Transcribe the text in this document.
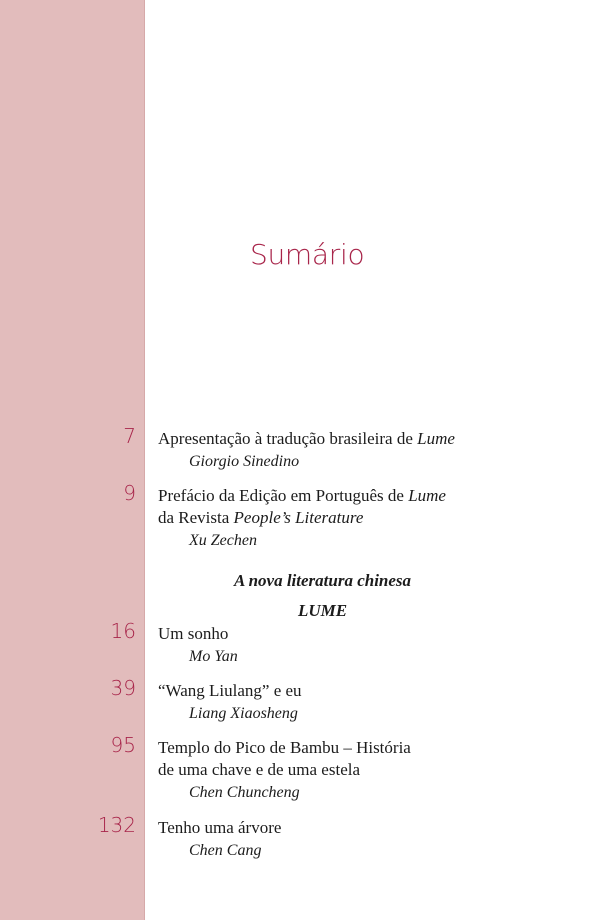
Sumário
7 Apresentação à tradução brasileira de Lume
Giorgio Sinedino
9 Prefácio da Edição em Português de Lume
da Revista People’s Literature
Xu Zechen
A nova literatura chinesa
LUME
16 Um sonho
Mo Yan
39 “Wang Liulang” e eu
Liang Xiaosheng
95 Templo do Pico de Bambu – História
de uma chave e de uma estela
Chen Chuncheng
132 Tenho uma árvore
Chen Cang
